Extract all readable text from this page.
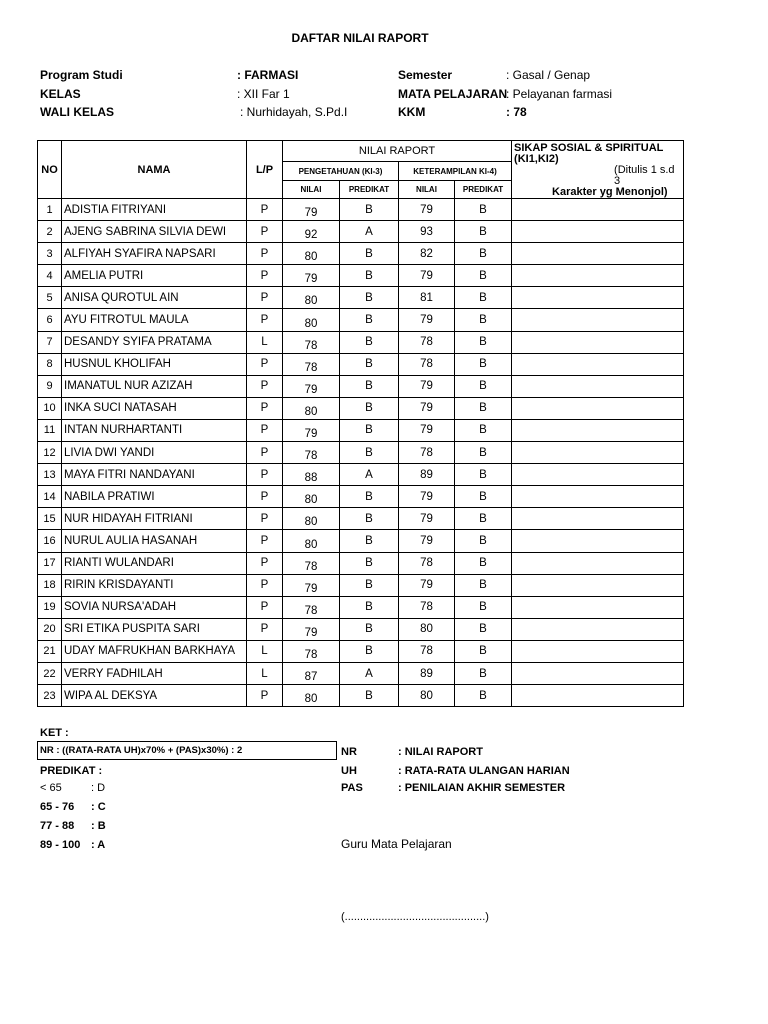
DAFTAR NILAI RAPORT
Program Studi	: FARMASI
KELAS	: XII Far 1
WALI KELAS	: Nurhidayah, S.Pd.I
Semester	: Gasal / Genap
MATA PELAJARAN
: Pelayanan farmasi
KKM	: 78
NO	NAMA	L/P	NILAI RAPORT				SIKAP SOSIAL & SPIRITUAL (KI1,KI2)
(Ditulis 1 s.d 3
Karakter yg Menonjol)

			PENGETAHUAN (KI-3)		KETERAMPILAN KI-4)		
			NILAI	PREDIKAT	NILAI	PREDIKAT	
1	ADISTIA FITRIYANI	P	79	B	79	B	
2	AJENG SABRINA SILVIA DEWI	P	92	A	93	B	
3	ALFIYAH SYAFIRA NAPSARI	P	80	B	82	B	
4	AMELIA PUTRI	P	79	B	79	B	
5	ANISA QUROTUL AIN	P	80	B	81	B	
6	AYU FITROTUL MAULA	P	80	B	79	B	
7	DESANDY SYIFA PRATAMA	L	78	B	78	B	
8	HUSNUL KHOLIFAH	P	78	B	78	B	
9	IMANATUL NUR AZIZAH	P	79	B	79	B	
10	INKA SUCI NATASAH	P	80	B	79	B	
11	INTAN NURHARTANTI	P	79	B	79	B	
12	LIVIA DWI YANDI	P	78	B	78	B	
13	MAYA FITRI NANDAYANI	P	88	A	89	B	
14	NABILA PRATIWI	P	80	B	79	B	
15	NUR HIDAYAH FITRIANI	P	80	B	79	B	
16	NURUL AULIA HASANAH	P	80	B	79	B	
17	RIANTI WULANDARI	P	78	B	78	B	
18	RIRIN KRISDAYANTI	P	79	B	79	B	
19	SOVIA NURSA'ADAH	P	78	B	78	B	
20	SRI ETIKA PUSPITA SARI	P	79	B	80	B	
21	UDAY MAFRUKHAN BARKHAYA	L	78	B	78	B	
22	VERRY FADHILAH	L	87	A	89	B	
23	WIPA AL DEKSYA	P	80	B	80	B	
KET :
NR : ((RATA-RATA UH)x70% + (PAS)x30%) : 2
PREDIKAT :
< 65	: D
65 - 76 : C
77 - 88 : B
89 - 100 : A
NR	: NILAI RAPORT
UH	: RATA-RATA ULANGAN HARIAN
PAS	: PENILAIAN AKHIR SEMESTER
Guru Mata Pelajaran
(..............................................)
